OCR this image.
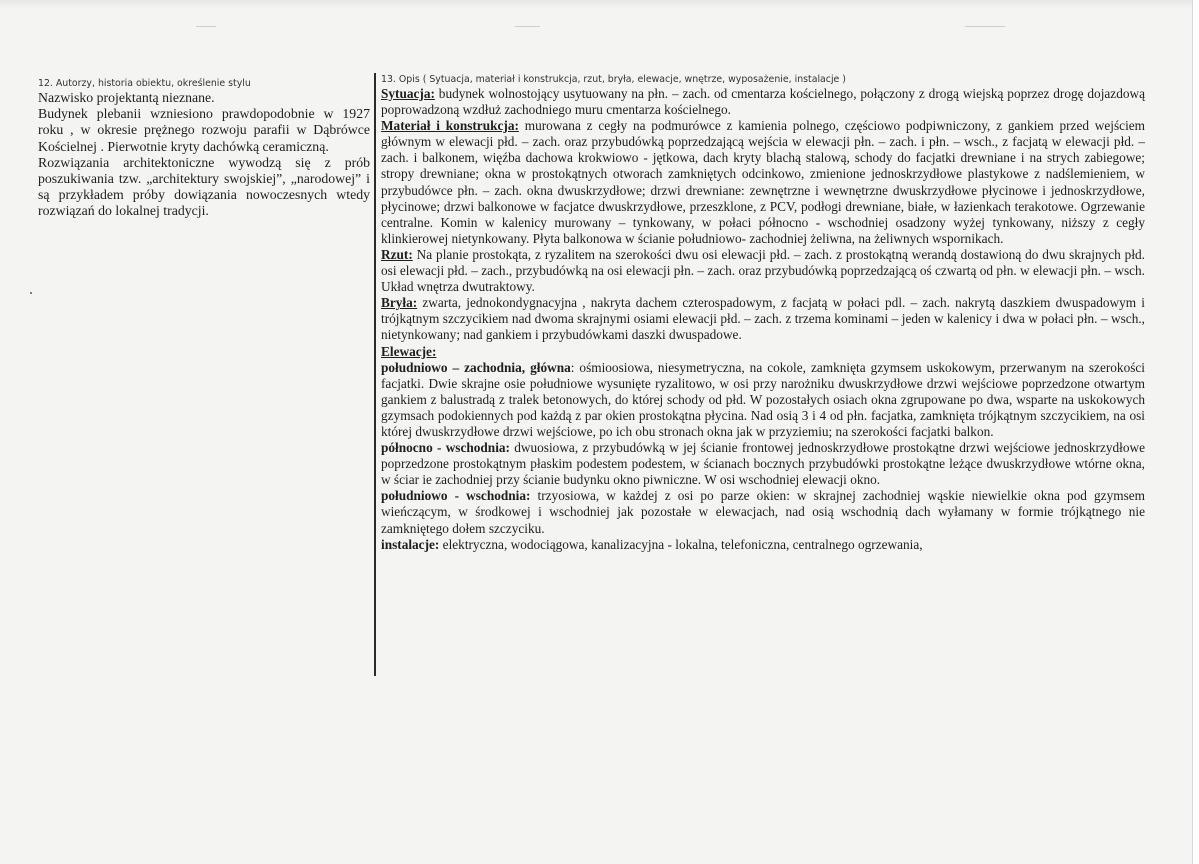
12. Autorzy, historia obiektu, określenie stylu

Nazwisko projektantą nieznane.

Budynek plebanii wzniesiono prawdopodobnie w 1927 roku , w okresie prężnego rozwoju parafii w Dąbrówce Kościelnej . Pierwotnie kryty dachówką ceramiczną.

Rozwiązania architektoniczne wywodzą się z prób poszukiwania tzw. „architektury swojskiej”, „narodowej” i są przykładem próby dowiązania nowoczesnych wtedy rozwiązań do lokalnej tradycji.

13. Opis ( Sytuacja, materiał i konstrukcja, rzut, bryła, elewacje, wnętrze, wyposażenie, instalacje )

Sytuacja: budynek wolnostojący usytuowany na płn. – zach. od cmentarza kościelnego, połączony z drogą wiejską poprzez drogę dojazdową poprowadzoną wzdłuż zachodniego muru cmentarza kościelnego.

Materiał i konstrukcja: murowana z cegły na podmurówce z kamienia polnego, częściowo podpiwniczony, z gankiem przed wejściem głównym w elewacji płd. – zach. oraz przybudówką poprzedzającą wejścia w elewacji płn. – zach. i płn. – wsch., z facjatą w elewacji płd. – zach. i balkonem, więźba dachowa krokwiowo - jętkowa, dach kryty blachą stalową, schody do facjatki drewniane i na strych zabiegowe; stropy drewniane; okna w prostokątnych otworach zamkniętych odcinkowo, zmienione jednoskrzydłowe plastykowe z nadślemieniem, w przybudówce płn. – zach. okna dwuskrzydłowe; drzwi drewniane: zewnętrzne i wewnętrzne dwuskrzydłowe płycinowe i jednoskrzydłowe, płycinowe; drzwi balkonowe w facjatce dwuskrzydłowe, przeszklone, z PCV, podłogi drewniane, białe, w łazienkach terakotowe. Ogrzewanie centralne. Komin w kalenicy murowany – tynkowany, w połaci północno - wschodniej osadzony wyżej tynkowany, niższy z cegły klinkierowej nietynkowany. Płyta balkonowa w ścianie południowo- zachodniej żeliwna, na żeliwnych wspornikach.

Rzut: Na planie prostokąta, z ryzalitem na szerokości dwu osi elewacji płd. – zach. z prostokątną werandą dostawioną do dwu skrajnych płd. osi elewacji płd. – zach., przybudówką na osi elewacji płn. – zach. oraz przybudówką poprzedzającą oś czwartą od płn. w elewacji płn. – wsch. Układ wnętrza dwutraktowy.

Bryła: zwarta, jednokondygnacyjna , nakryta dachem czterospadowym, z facjatą w połaci pdl. – zach. nakrytą daszkiem dwuspadowym i trójkątnym szczycikiem nad dwoma skrajnymi osiami elewacji płd. – zach. z trzema kominami – jeden w kalenicy i dwa w połaci płn. – wsch., nietynkowany; nad gankiem i przybudówkami daszki dwuspadowe.

Elewacje:

południowo – zachodnia, główna: ośmioosiowa, niesymetryczna, na cokole, zamknięta gzymsem uskokowym, przerwanym na szerokości facjatki. Dwie skrajne osie południowe wysunięte ryzalitowo, w osi przy narożniku dwuskrzydłowe drzwi wejściowe poprzedzone otwartym gankiem z balustradą z tralek betonowych, do której schody od płd. W pozostałych osiach okna zgrupowane po dwa, wsparte na uskokowych gzymsach podokiennych pod każdą z par okien prostokątna płycina. Nad osią 3 i 4 od płn. facjatka, zamknięta trójkątnym szczycikiem, na osi której dwuskrzydłowe drzwi wejściowe, po ich obu stronach okna jak w przyziemiu; na szerokości facjatki balkon.

północno - wschodnia: dwuosiowa, z przybudówką w jej ścianie frontowej jednoskrzydłowe prostokątne drzwi wejściowe jednoskrzydłowe poprzedzone prostokątnym płaskim podestem podestem, w ścianach bocznych przybudówki prostokątne leżące dwuskrzydłowe wtórne okna, w ściar ie zachodniej przy ścianie budynku okno piwniczne. W osi wschodniej elewacji okno.

południowo - wschodnia: trzyosiowa, w każdej z osi po parze okien: w skrajnej zachodniej wąskie niewielkie okna pod gzymsem wieńczącym, w środkowej i wschodniej jak pozostałe w elewacjach, nad osią wschodnią dach wyłamany w formie trójkątnego nie zamkniętego dołem szczyciku.

instalacje: elektryczna, wodociągowa, kanalizacyjna - lokalna, telefoniczna, centralnego ogrzewania,
